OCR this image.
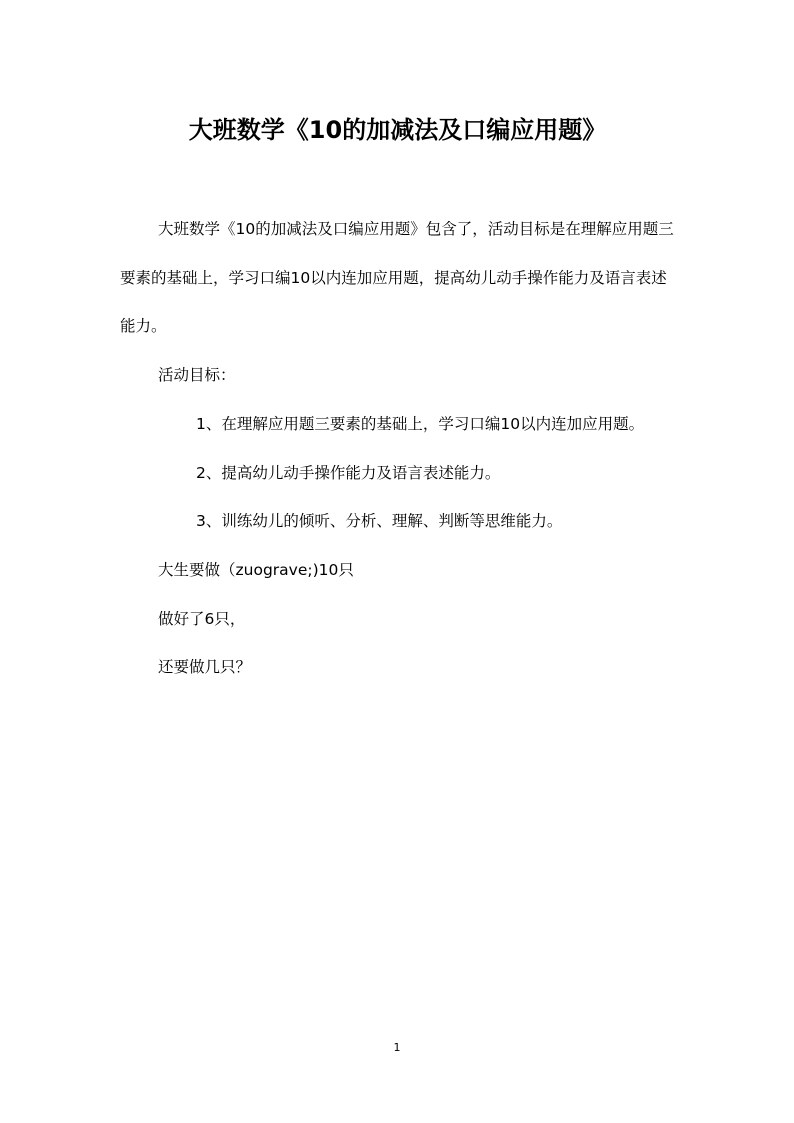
大班数学《10的加减法及口编应用题》

大班数学《10的加减法及口编应用题》包含了，活动目标是在理解应用题三要素的基础上，学习口编10以内连加应用题，提高幼儿动手操作能力及语言表述能力。

活动目标：

1、在理解应用题三要素的基础上，学习口编10以内连加应用题。

2、提高幼儿动手操作能力及语言表述能力。

3、训练幼儿的倾听、分析、理解、判断等思维能力。

大生要做（zuograve;)10只

做好了6只，

还要做几只？

1
